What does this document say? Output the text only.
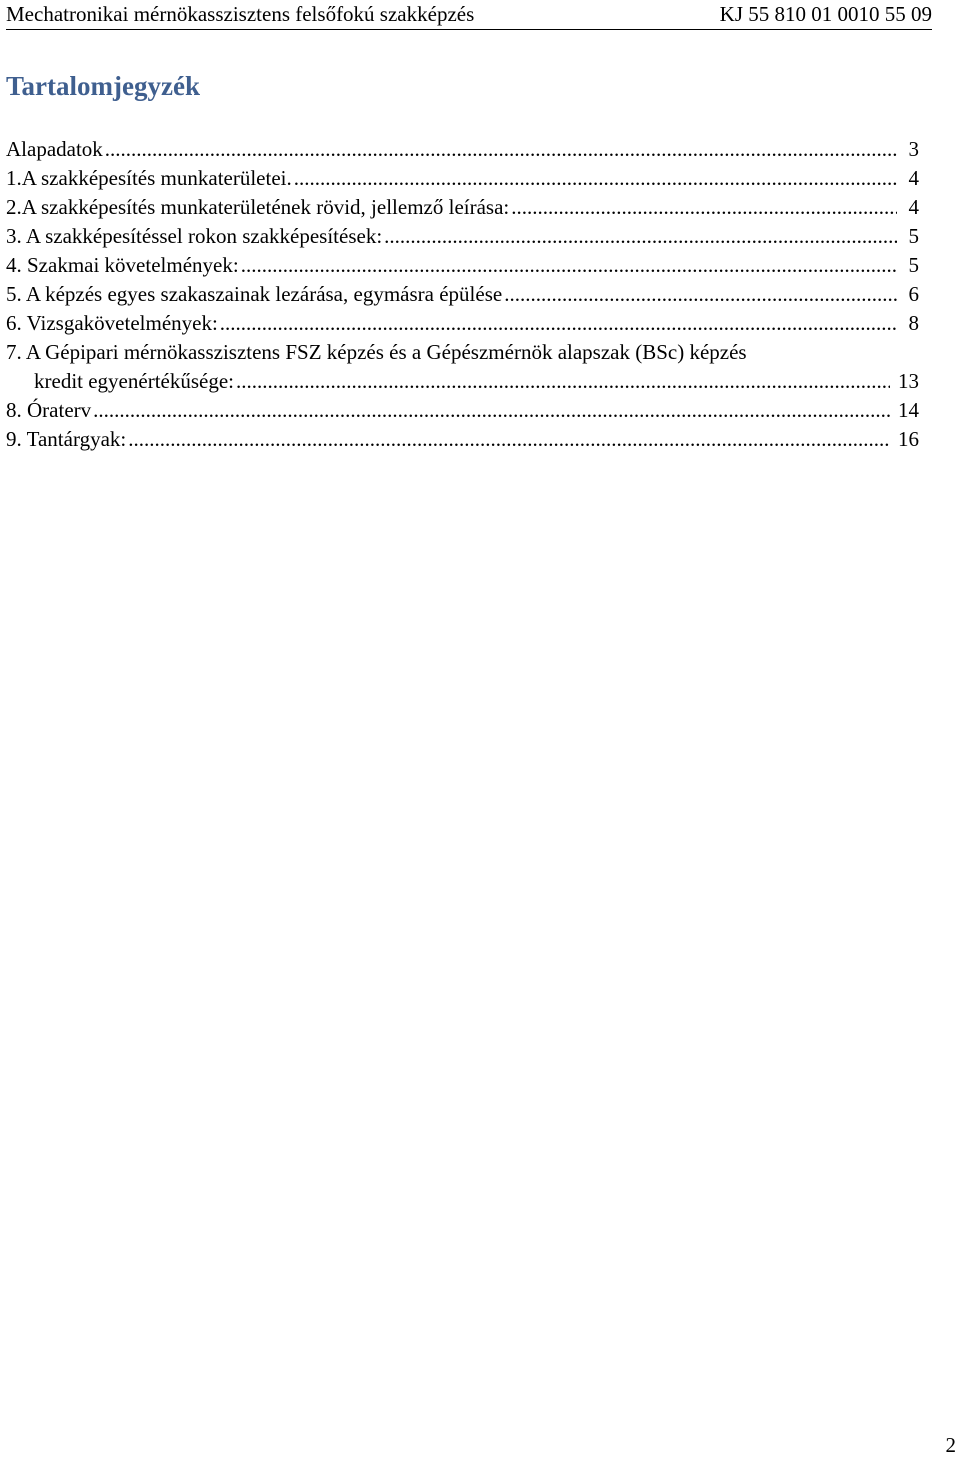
Mechatronikai mérnökasszisztens felsőfokú szakképzés	KJ 55 810 01 0010 55 09
Tartalomjegyzék
Alapadatok .....	3
1.A szakképesítés munkaterületei. .....	4
2.A szakképesítés munkaterületének rövid, jellemző leírása: .....	4
3. A szakképesítéssel rokon szakképesítések: .....	5
4. Szakmai követelmények: .....	5
5. A képzés egyes szakaszainak lezárása, egymásra épülése .....	6
6. Vizsgakövetelmények: .....	8
7. A Gépipari mérnökasszisztens FSZ képzés és a Gépészmérnök alapszak (BSc) képzés
kredit egyenértékűsége: .....	13
8. Óraterv .....	14
9. Tantárgyak: .....	16
2
